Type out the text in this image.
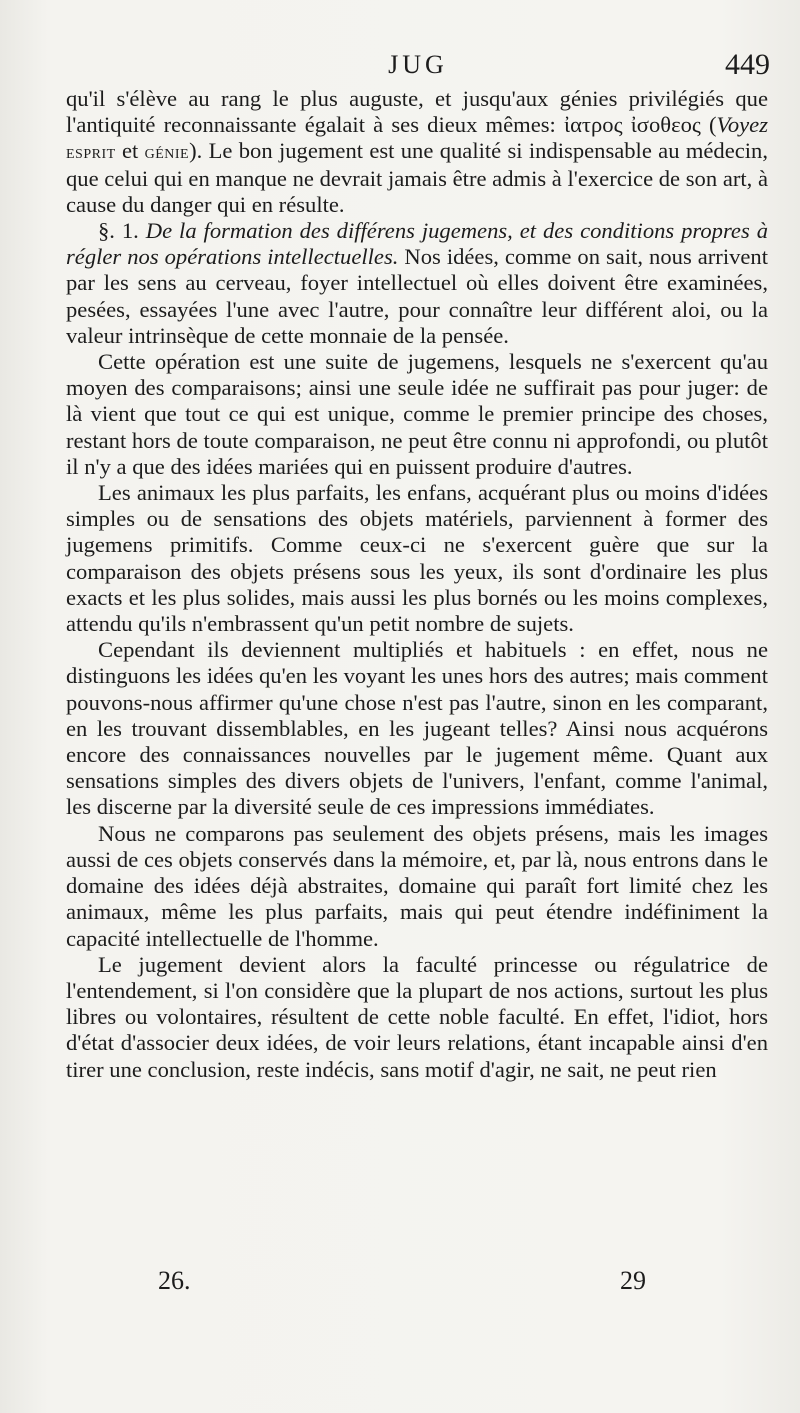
JUG	449

qu'il s'élève au rang le plus auguste, et jusqu'aux génies privilégiés que l'antiquité reconnaissante égalait à ses dieux mêmes: ἰατρος ἰσοθεος (Voyez esprit et génie). Le bon jugement est une qualité si indispensable au médecin, que celui qui en manque ne devrait jamais être admis à l'exercice de son art, à cause du danger qui en résulte.

§. 1. De la formation des différens jugemens, et des conditions propres à régler nos opérations intellectuelles. Nos idées, comme on sait, nous arrivent par les sens au cerveau, foyer intellectuel où elles doivent être examinées, pesées, essayées l'une avec l'autre, pour connaître leur différent aloi, ou la valeur intrinsèque de cette monnaie de la pensée.

Cette opération est une suite de jugemens, lesquels ne s'exercent qu'au moyen des comparaisons; ainsi une seule idée ne suffirait pas pour juger: de là vient que tout ce qui est unique, comme le premier principe des choses, restant hors de toute comparaison, ne peut être connu ni approfondi, ou plutôt il n'y a que des idées mariées qui en puissent produire d'autres.

Les animaux les plus parfaits, les enfans, acquérant plus ou moins d'idées simples ou de sensations des objets matériels, parviennent à former des jugemens primitifs. Comme ceux-ci ne s'exercent guère que sur la comparaison des objets présens sous les yeux, ils sont d'ordinaire les plus exacts et les plus solides, mais aussi les plus bornés ou les moins complexes, attendu qu'ils n'embrassent qu'un petit nombre de sujets.

Cependant ils deviennent multipliés et habituels : en effet, nous ne distinguons les idées qu'en les voyant les unes hors des autres; mais comment pouvons-nous affirmer qu'une chose n'est pas l'autre, sinon en les comparant, en les trouvant dissemblables, en les jugeant telles? Ainsi nous acquérons encore des connaissances nouvelles par le jugement même. Quant aux sensations simples des divers objets de l'univers, l'enfant, comme l'animal, les discerne par la diversité seule de ces impressions immédiates.

Nous ne comparons pas seulement des objets présens, mais les images aussi de ces objets conservés dans la mémoire, et, par là, nous entrons dans le domaine des idées déjà abstraites, domaine qui paraît fort limité chez les animaux, même les plus parfaits, mais qui peut étendre indéfiniment la capacité intellectuelle de l'homme.

Le jugement devient alors la faculté princesse ou régulatrice de l'entendement, si l'on considère que la plupart de nos actions, surtout les plus libres ou volontaires, résultent de cette noble faculté. En effet, l'idiot, hors d'état d'associer deux idées, de voir leurs relations, étant incapable ainsi d'en tirer une conclusion, reste indécis, sans motif d'agir, ne sait, ne peut rien

26.	29
